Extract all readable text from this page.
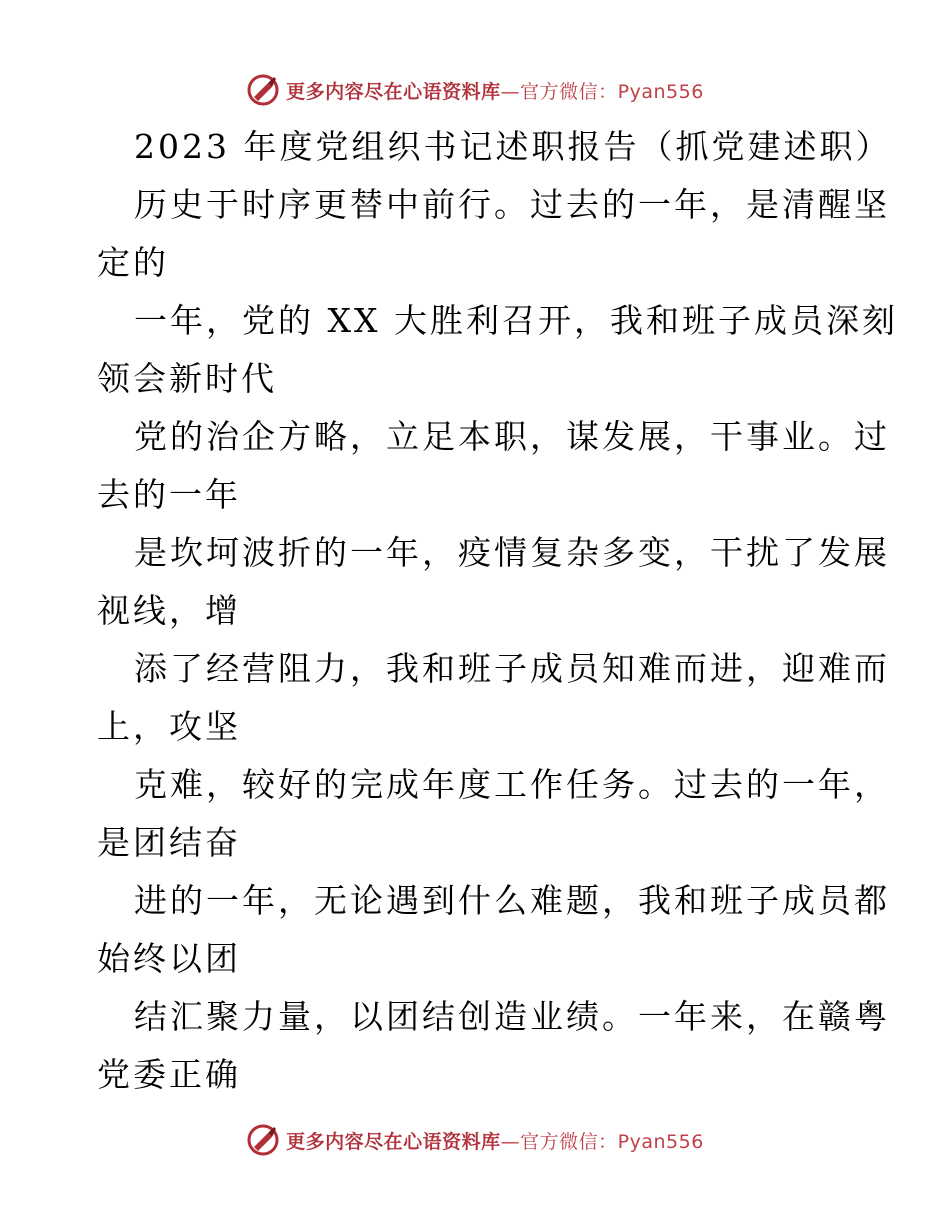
更多内容尽在心语资料库—官方微信：Pyan556
2023 年度党组织书记述职报告（抓党建述职）
历史于时序更替中前行。过去的一年，是清醒坚
定的
一年，党的 XX 大胜利召开，我和班子成员深刻
领会新时代
党的治企方略，立足本职，谋发展，干事业。过
去的一年
是坎坷波折的一年，疫情复杂多变，干扰了发展
视线，增
添了经营阻力，我和班子成员知难而进，迎难而
上，攻坚
克难，较好的完成年度工作任务。过去的一年，
是团结奋
进的一年，无论遇到什么难题，我和班子成员都
始终以团
结汇聚力量，以团结创造业绩。一年来，在赣粤
党委正确
更多内容尽在心语资料库—官方微信：Pyan556
